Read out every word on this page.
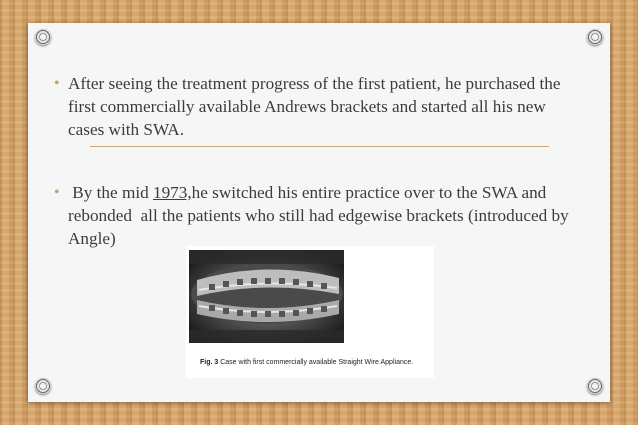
• After seeing the treatment progress of the first patient, he purchased the first commercially available Andrews brackets and started all his new cases with SWA.
• By the mid 1973,he switched his entire practice over to the SWA and rebonded  all the patients who still had edgewise brackets (introduced by Angle)
Fig. 3 Case with first commercially available Straight Wire Appliance.
